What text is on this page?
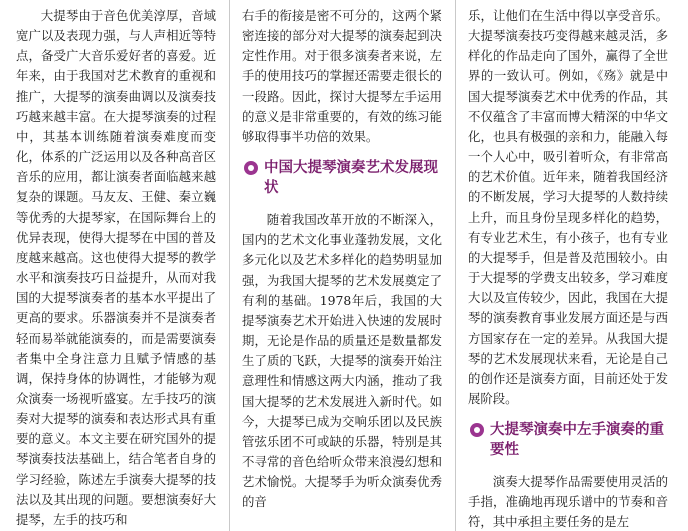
大提琴由于音色优美淳厚，音域宽广以及表现力强，与人声相近等特点，备受广大音乐爱好者的喜爱。近年来，由于我国对艺术教育的重视和推广，大提琴的演奏曲调以及演奏技巧越来越丰富。在大提琴演奏的过程中，其基本训练随着演奏难度而变化，体系的广泛运用以及各种高音区音乐的应用，都让演奏者面临越来越复杂的课题。马友友、王健、秦立巍等优秀的大提琴家，在国际舞台上的优异表现，使得大提琴在中国的普及度越来越高。这也使得大提琴的教学水平和演奏技巧日益提升，从而对我国的大提琴演奏者的基本水平提出了更高的要求。乐器演奏并不是演奏者轻而易举就能演奏的，而是需要演奏者集中全身注意力且赋予情感的基调，保持身体的协调性，才能够为观众演奏一场视听盛宴。左手技巧的演奏对大提琴的演奏和表达形式具有重要的意义。本文主要在研究国外的提琴演奏技法基础上，结合笔者自身的学习经验，陈述左手演奏大提琴的技法以及其出现的问题。要想演奏好大提琴，左手的技巧和

右手的衔接是密不可分的，这两个紧密连接的部分对大提琴的演奏起到决定性作用。对于很多演奏者来说，左手的使用技巧的掌握还需要走很长的一段路。因此，探讨大提琴左手运用的意义是非常重要的，有效的练习能够取得事半功倍的效果。

中国大提琴演奏艺术发展现状

随着我国改革开放的不断深入，国内的艺术文化事业蓬勃发展，文化多元化以及艺术多样化的趋势明显加强，为我国大提琴的艺术发展奠定了有利的基础。1978年后，我国的大提琴演奏艺术开始进入快速的发展时期，无论是作品的质量还是数量都发生了质的飞跃，大提琴的演奏开始注意理性和情感这两大内涵，推动了我国大提琴的艺术发展进入新时代。如今，大提琴已成为交响乐团以及民族管弦乐团不可或缺的乐器，特别是其不寻常的音色给听众带来浪漫幻想和艺术愉悦。大提琴手为听众演奏优秀的音

乐，让他们在生活中得以享受音乐。大提琴演奏技巧变得越来越灵活，多样化的作品走向了国外，赢得了全世界的一致认可。例如，《殇》就是中国大提琴演奏艺术中优秀的作品，其不仅蕴含了丰富而博大精深的中华文化，也具有极强的亲和力，能融入每一个人心中，吸引着听众，有非常高的艺术价值。近年来，随着我国经济的不断发展，学习大提琴的人数持续上升，而且身份呈现多样化的趋势，有专业艺术生，有小孩子，也有专业的大提琴手，但是普及范围较小。由于大提琴的学费支出较多，学习难度大以及宣传较少，因此，我国在大提琴的演奏教育事业发展方面还是与西方国家存在一定的差异。从我国大提琴的艺术发展现状来看，无论是自己的创作还是演奏方面，目前还处于发展阶段。

大提琴演奏中左手演奏的重要性

演奏大提琴作品需要使用灵活的手指，准确地再现乐谱中的节奏和音符，其中承担主要任务的是左
